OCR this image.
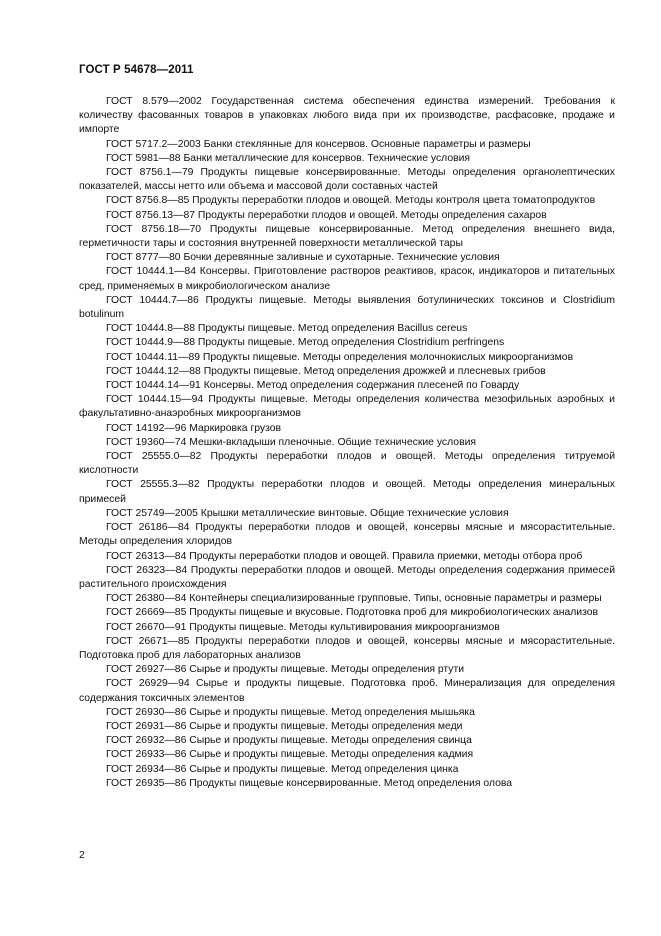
ГОСТ Р 54678—2011

ГОСТ 8.579—2002 Государственная система обеспечения единства измерений. Требования к количеству фасованных товаров в упаковках любого вида при их производстве, расфасовке, продаже и импорте

ГОСТ 5717.2—2003 Банки стеклянные для консервов. Основные параметры и размеры

ГОСТ 5981—88 Банки металлические для консервов. Технические условия

ГОСТ 8756.1—79 Продукты пищевые консервированные. Методы определения органолептических показателей, массы нетто или объема и массовой доли составных частей

ГОСТ 8756.8—85 Продукты переработки плодов и овощей. Методы контроля цвета томатопродуктов

ГОСТ 8756.13—87 Продукты переработки плодов и овощей. Методы определения сахаров

ГОСТ 8756.18—70 Продукты пищевые консервированные. Метод определения внешнего вида, герметичности тары и состояния внутренней поверхности металлической тары

ГОСТ 8777—80 Бочки деревянные заливные и сухотарные. Технические условия

ГОСТ 10444.1—84 Консервы. Приготовление растворов реактивов, красок, индикаторов и питательных сред, применяемых в микробиологическом анализе

ГОСТ 10444.7—86 Продукты пищевые. Методы выявления ботулинических токсинов и Clostridium botulinum

ГОСТ 10444.8—88 Продукты пищевые. Метод определения Bacillus cereus

ГОСТ 10444.9—88 Продукты пищевые. Метод определения Clostridium perfringens

ГОСТ 10444.11—89 Продукты пищевые. Методы определения молочнокислых микроорганизмов

ГОСТ 10444.12—88 Продукты пищевые. Метод определения дрожжей и плесневых грибов

ГОСТ 10444.14—91 Консервы. Метод определения содержания плесеней по Говарду

ГОСТ 10444.15—94 Продукты пищевые. Методы определения количества мезофильных аэробных и факультативно-анаэробных микроорганизмов

ГОСТ 14192—96 Маркировка грузов

ГОСТ 19360—74 Мешки-вкладыши пленочные. Общие технические условия

ГОСТ 25555.0—82 Продукты переработки плодов и овощей. Методы определения титруемой кислотности

ГОСТ 25555.3—82 Продукты переработки плодов и овощей. Методы определения минеральных примесей

ГОСТ 25749—2005 Крышки металлические винтовые. Общие технические условия

ГОСТ 26186—84 Продукты переработки плодов и овощей, консервы мясные и мясорастительные. Методы определения хлоридов

ГОСТ 26313—84 Продукты переработки плодов и овощей. Правила приемки, методы отбора проб

ГОСТ 26323—84 Продукты переработки плодов и овощей. Методы определения содержания примесей растительного происхождения

ГОСТ 26380—84 Контейнеры специализированные групповые. Типы, основные параметры и размеры

ГОСТ 26669—85 Продукты пищевые и вкусовые. Подготовка проб для микробиологических анализов

ГОСТ 26670—91 Продукты пищевые. Методы культивирования микроорганизмов

ГОСТ 26671—85 Продукты переработки плодов и овощей, консервы мясные и мясорастительные. Подготовка проб для лабораторных анализов

ГОСТ 26927—86 Сырье и продукты пищевые. Методы определения ртути

ГОСТ 26929—94 Сырье и продукты пищевые. Подготовка проб. Минерализация для определения содержания токсичных элементов

ГОСТ 26930—86 Сырье и продукты пищевые. Метод определения мышьяка

ГОСТ 26931—86 Сырье и продукты пищевые. Методы определения меди

ГОСТ 26932—86 Сырье и продукты пищевые. Методы определения свинца

ГОСТ 26933—86 Сырье и продукты пищевые. Методы определения кадмия

ГОСТ 26934—86 Сырье и продукты пищевые. Метод определения цинка

ГОСТ 26935—86 Продукты пищевые консервированные. Метод определения олова

2
